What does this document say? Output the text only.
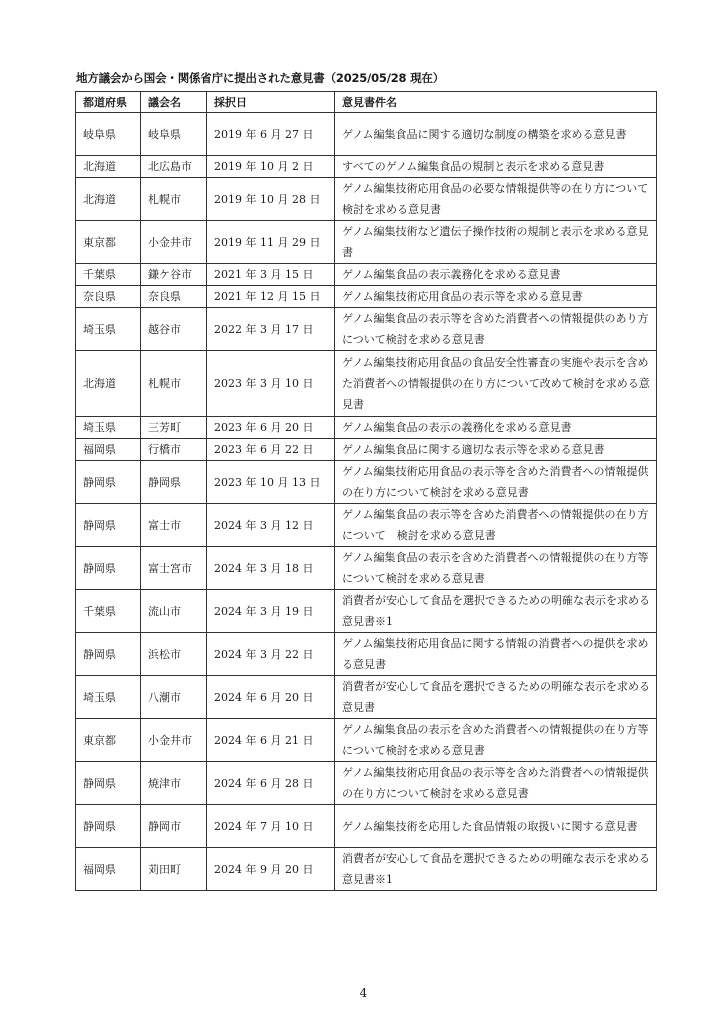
地方議会から国会・関係省庁に提出された意見書（2025/05/28 現在）
都道府県	議会名	採択日	意見書件名
岐阜県	岐阜県	2019 年 6 月 27 日	ゲノム編集食品に関する適切な制度の構築を求める意見書
北海道	北広島市	2019 年 10 月 2 日	すべてのゲノム編集食品の規制と表示を求める意見書
北海道	札幌市	2019 年 10 月 28 日	ゲノム編集技術応用食品の必要な情報提供等の在り方について検討を求める意見書
東京都	小金井市	2019 年 11 月 29 日	ゲノム編集技術など遺伝子操作技術の規制と表示を求める意見書
千葉県	鎌ケ谷市	2021 年 3 月 15 日	ゲノム編集食品の表示義務化を求める意見書
奈良県	奈良県	2021 年 12 月 15 日	ゲノム編集技術応用食品の表示等を求める意見書
埼玉県	越谷市	2022 年 3 月 17 日	ゲノム編集食品の表示等を含めた消費者への情報提供のあり方について検討を求める意見書
北海道	札幌市	2023 年 3 月 10 日	ゲノム編集技術応用食品の食品安全性審査の実施や表示を含めた消費者への情報提供の在り方について改めて検討を求める意見書
埼玉県	三芳町	2023 年 6 月 20 日	ゲノム編集食品の表示の義務化を求める意見書
福岡県	行橋市	2023 年 6 月 22 日	ゲノム編集食品に関する適切な表示等を求める意見書
静岡県	静岡県	2023 年 10 月 13 日	ゲノム編集技術応用食品の表示等を含めた消費者への情報提供の在り方について検討を求める意見書
静岡県	富士市	2024 年 3 月 12 日	ゲノム編集食品の表示等を含めた消費者への情報提供の在り方について　検討を求める意見書
静岡県	富士宮市	2024 年 3 月 18 日	ゲノム編集食品の表示を含めた消費者への情報提供の在り方等について検討を求める意見書
千葉県	流山市	2024 年 3 月 19 日	消費者が安心して食品を選択できるための明確な表示を求める意見書※1
静岡県	浜松市	2024 年 3 月 22 日	ゲノム編集技術応用食品に関する情報の消費者への提供を求める意見書
埼玉県	八潮市	2024 年 6 月 20 日	消費者が安心して食品を選択できるための明確な表示を求める意見書
東京都	小金井市	2024 年 6 月 21 日	ゲノム編集食品の表示を含めた消費者への情報提供の在り方等について検討を求める意見書
静岡県	焼津市	2024 年 6 月 28 日	ゲノム編集技術応用食品の表示等を含めた消費者への情報提供の在り方について検討を求める意見書
静岡県	静岡市	2024 年 7 月 10 日	ゲノム編集技術を応用した食品情報の取扱いに関する意見書
福岡県	苅田町	2024 年 9 月 20 日	消費者が安心して食品を選択できるための明確な表示を求める意見書※1
4
